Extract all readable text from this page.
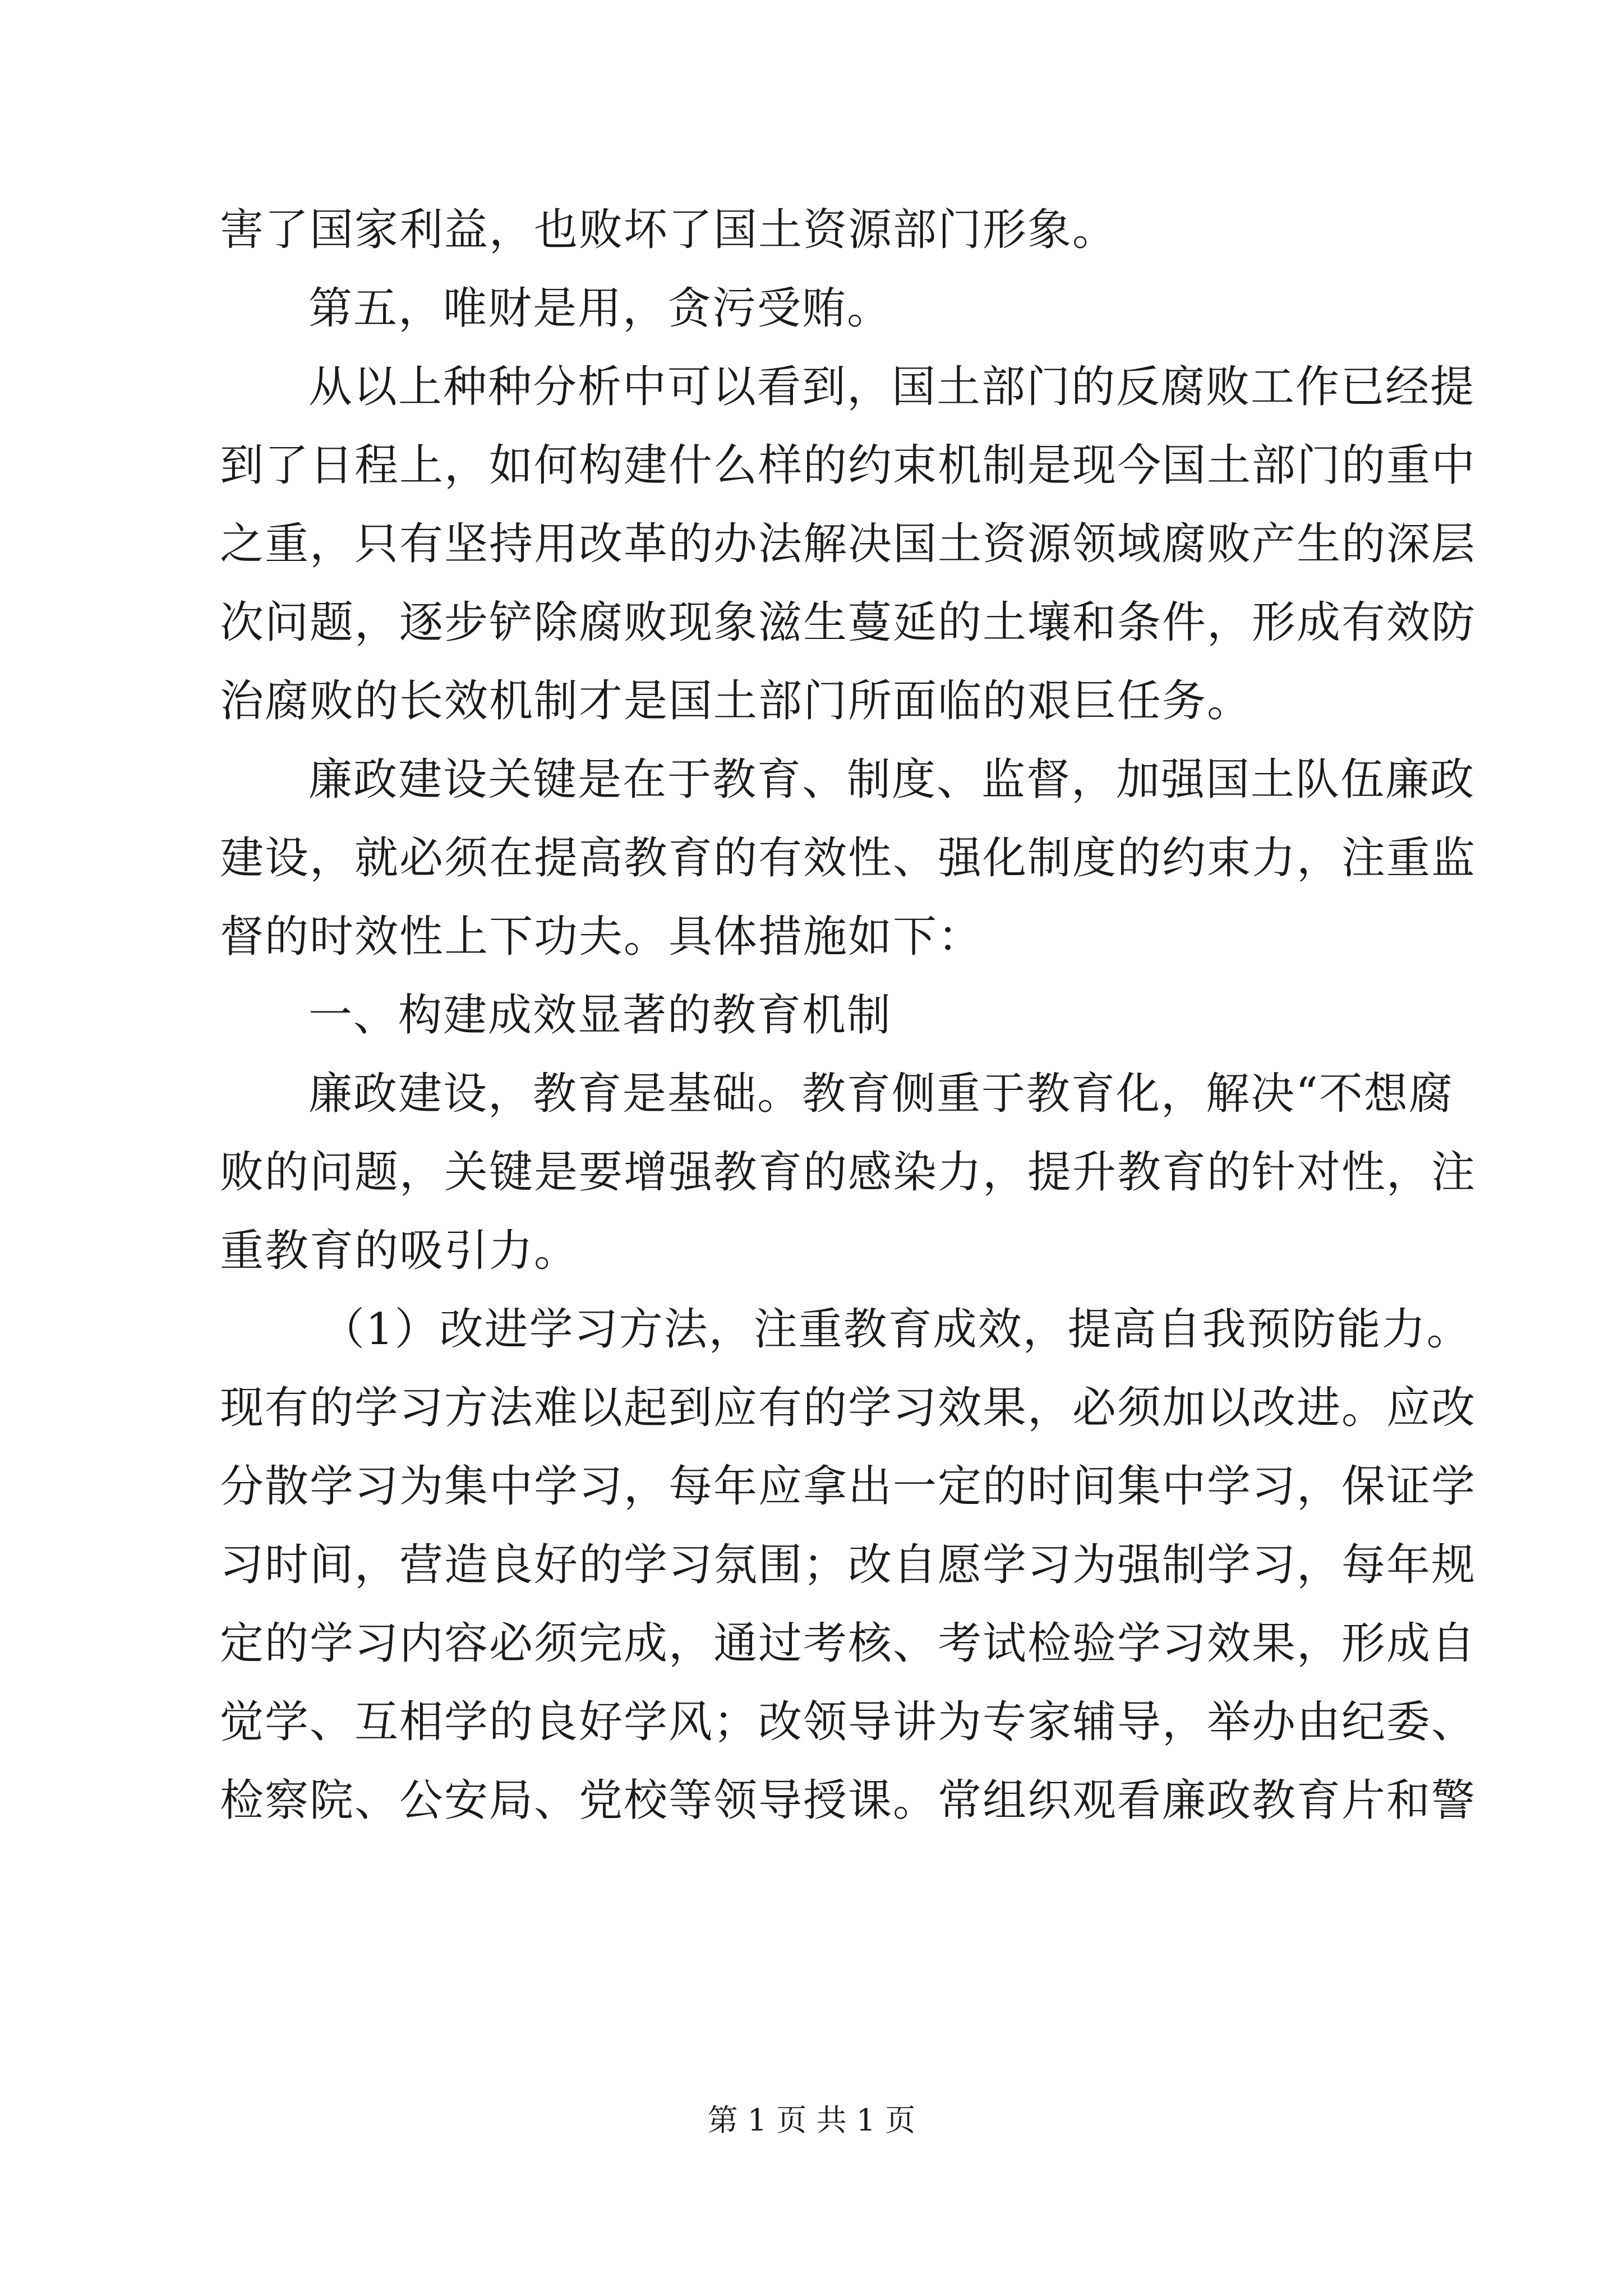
害了国家利益，也败坏了国土资源部门形象。
第五，唯财是用，贪污受贿。
从以上种种分析中可以看到，国土部门的反腐败工作已经提
到了日程上，如何构建什么样的约束机制是现今国土部门的重中
之重，只有坚持用改革的办法解决国土资源领域腐败产生的深层
次问题，逐步铲除腐败现象滋生蔓延的土壤和条件，形成有效防
治腐败的长效机制才是国土部门所面临的艰巨任务。
廉政建设关键是在于教育、制度、监督，加强国土队伍廉政
建设，就必须在提高教育的有效性、强化制度的约束力，注重监
督的时效性上下功夫。具体措施如下：
一、构建成效显著的教育机制
廉政建设，教育是基础。教育侧重于教育化，解决“不想腐
败的问题，关键是要增强教育的感染力，提升教育的针对性，注
重教育的吸引力。
（1）改进学习方法，注重教育成效，提高自我预防能力。
现有的学习方法难以起到应有的学习效果，必须加以改进。应改
分散学习为集中学习，每年应拿出一定的时间集中学习，保证学
习时间，营造良好的学习氛围；改自愿学习为强制学习，每年规
定的学习内容必须完成，通过考核、考试检验学习效果，形成自
觉学、互相学的良好学风；改领导讲为专家辅导，举办由纪委、
检察院、公安局、党校等领导授课。常组织观看廉政教育片和警
第 1 页 共 1 页
